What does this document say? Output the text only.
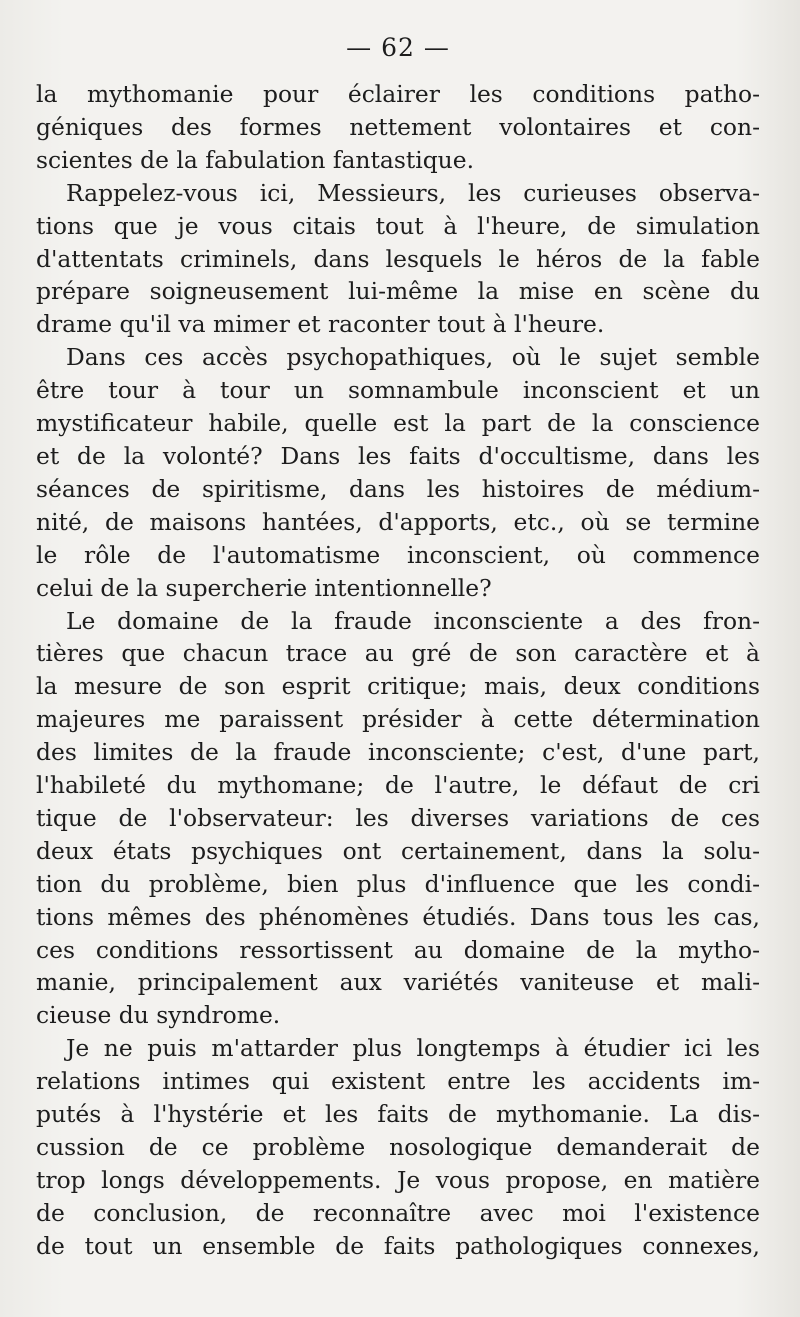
— 62 —
la mythomanie pour éclairer les conditions patho-
géniques des formes nettement volontaires et con-
scientes de la fabulation fantastique.
Rappelez-vous ici, Messieurs, les curieuses observa-
tions que je vous citais tout à l'heure, de simulation
d'attentats criminels, dans lesquels le héros de la fable
prépare soigneusement lui-même la mise en scène du
drame qu'il va mimer et raconter tout à l'heure.
Dans ces accès psychopathiques, où le sujet semble
être tour à tour un somnambule inconscient et un
mystificateur habile, quelle est la part de la conscience
et de la volonté? Dans les faits d'occultisme, dans les
séances de spiritisme, dans les histoires de médium-
nité, de maisons hantées, d'apports, etc., où se termine
le rôle de l'automatisme inconscient, où commence
celui de la supercherie intentionnelle?
Le domaine de la fraude inconsciente a des fron-
tières que chacun trace au gré de son caractère et à
la mesure de son esprit critique; mais, deux conditions
majeures me paraissent présider à cette détermination
des limites de la fraude inconsciente; c'est, d'une part,
l'habileté du mythomane; de l'autre, le défaut de cri
tique de l'observateur: les diverses variations de ces
deux états psychiques ont certainement, dans la solu-
tion du problème, bien plus d'influence que les condi-
tions mêmes des phénomènes étudiés. Dans tous les cas,
ces conditions ressortissent au domaine de la mytho-
manie, principalement aux variétés vaniteuse et mali-
cieuse du syndrome.
Je ne puis m'attarder plus longtemps à étudier ici les
relations intimes qui existent entre les accidents im-
putés à l'hystérie et les faits de mythomanie. La dis-
cussion de ce problème nosologique demanderait de
trop longs développements. Je vous propose, en matière
de conclusion, de reconnaître avec moi l'existence
de tout un ensemble de faits pathologiques connexes,
